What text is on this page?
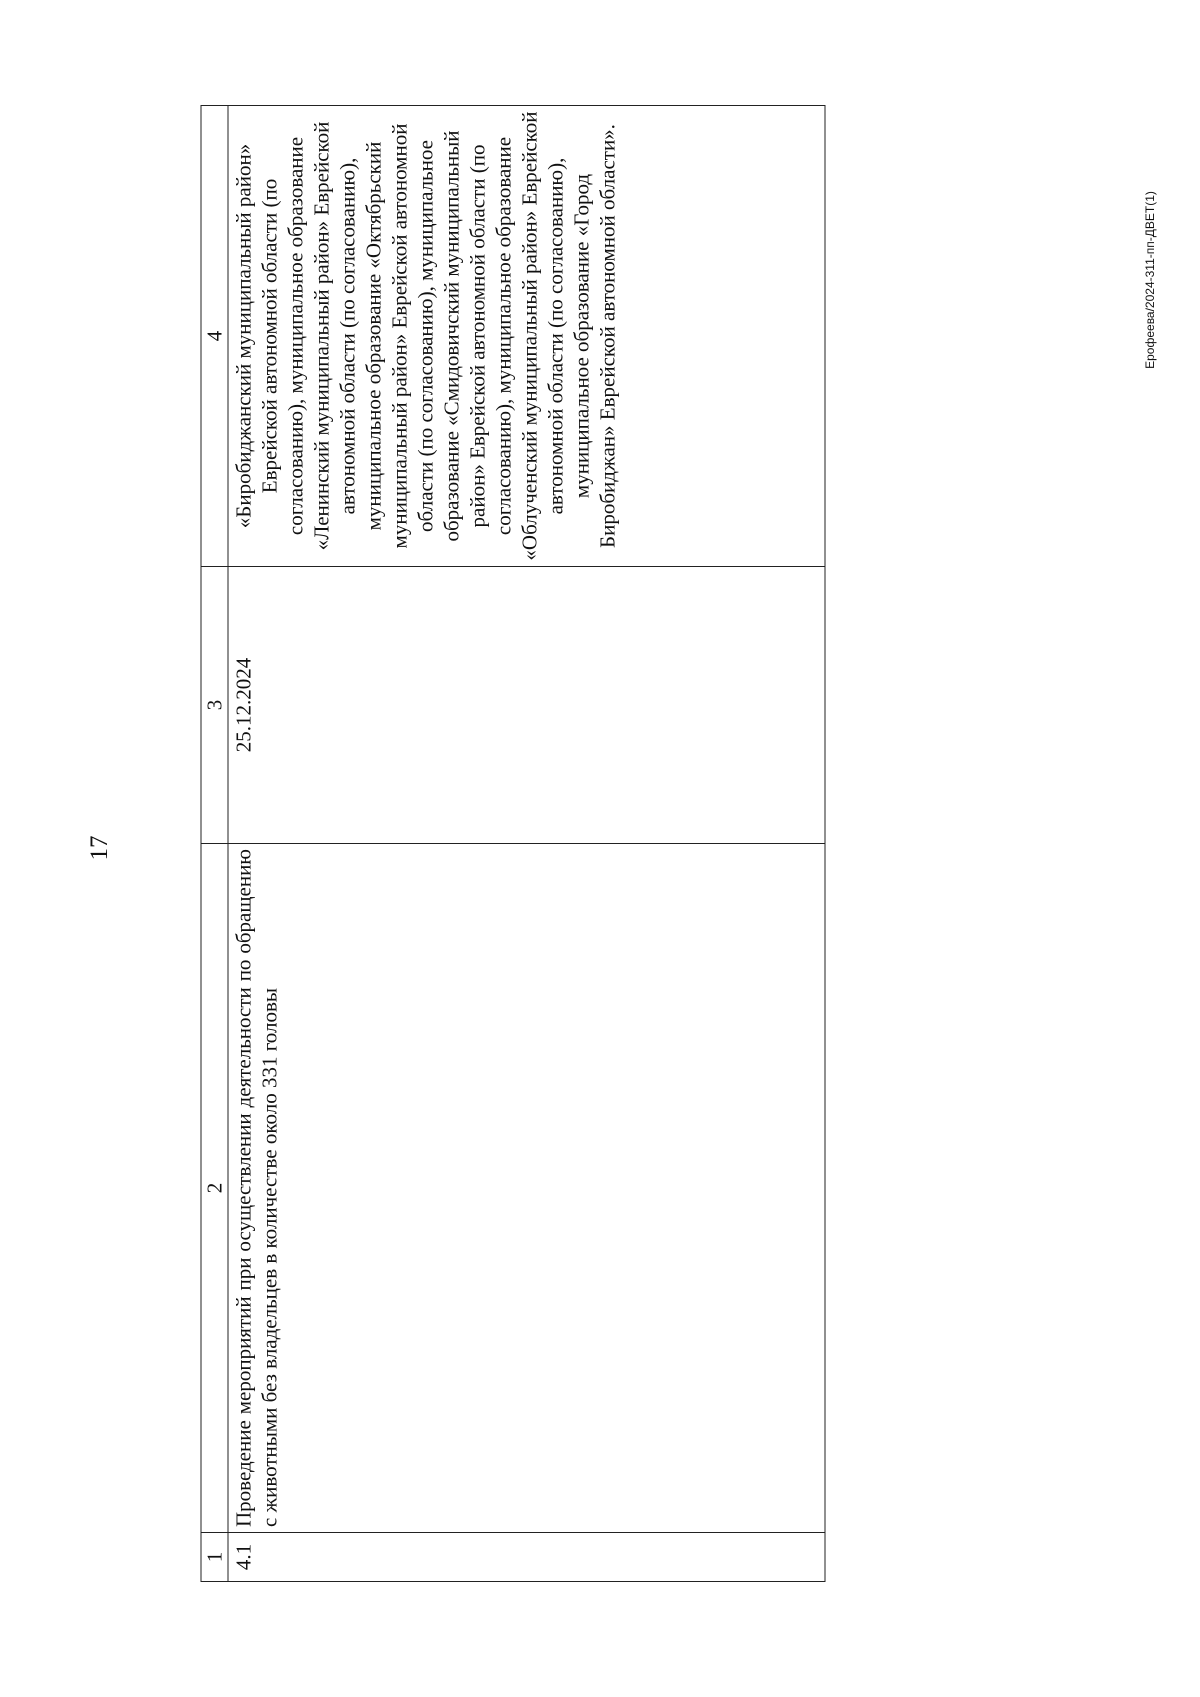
17
Ерофеева/2024-311-пп-ДВЕТ(1)
1	2	3	4
4.1	Проведение мероприятий при осуществлении деятельности по обращению с животными без владельцев в количестве около 331 головы	25.12.2024	«Биробиджанский муниципальный район» Еврейской автономной области (по согласованию), муниципальное образование «Ленинский муниципальный район» Еврейской автономной области (по согласованию), муниципальное образование «Октябрьский муниципальный район» Еврейской автономной области (по согласованию), муниципальное образование «Смидовичский муниципальный район» Еврейской автономной области (по согласованию), муниципальное образование «Облученский муниципальный район» Еврейской автономной области (по согласованию), муниципальное образование «Город Биробиджан» Еврейской автономной области».
